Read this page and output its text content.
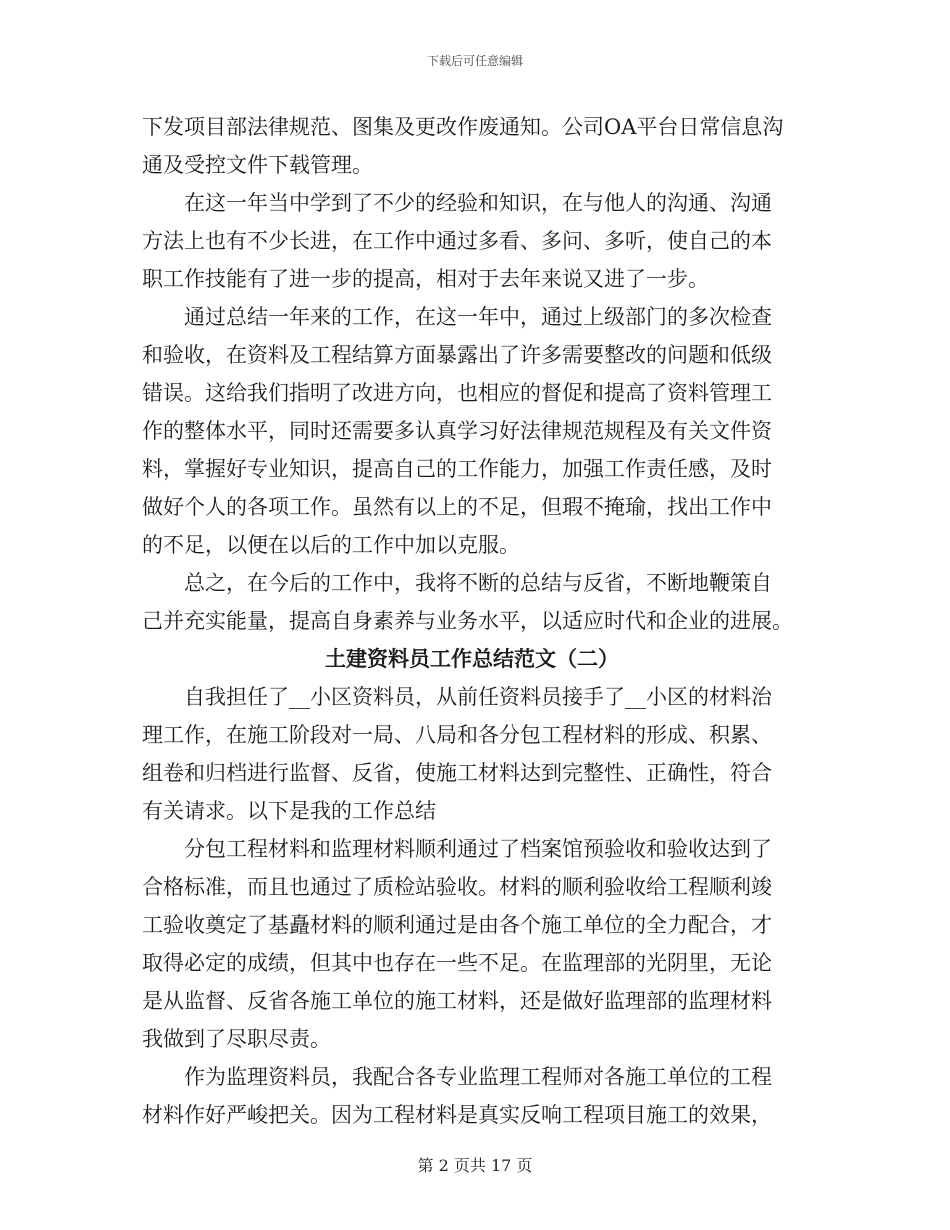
下载后可任意编辑
下发项目部法律规范、图集及更改作废通知。公司OA平台日常信息沟
通及受控文件下载管理。
　　在这一年当中学到了不少的经验和知识，在与他人的沟通、沟通
方法上也有不少长进，在工作中通过多看、多问、多听，使自己的本
职工作技能有了进一步的提高，相对于去年来说又进了一步。
　　通过总结一年来的工作，在这一年中，通过上级部门的多次检查
和验收，在资料及工程结算方面暴露出了许多需要整改的问题和低级
错误。这给我们指明了改进方向，也相应的督促和提高了资料管理工
作的整体水平，同时还需要多认真学习好法律规范规程及有关文件资
料，掌握好专业知识，提高自己的工作能力，加强工作责任感，及时
做好个人的各项工作。虽然有以上的不足，但瑕不掩瑜，找出工作中
的不足，以便在以后的工作中加以克服。
　　总之，在今后的工作中，我将不断的总结与反省，不断地鞭策自
己并充实能量，提高自身素养与业务水平，以适应时代和企业的进展。
土建资料员工作总结范文（二）
　　自我担任了__小区资料员，从前任资料员接手了__小区的材料治
理工作，在施工阶段对一局、八局和各分包工程材料的形成、积累、
组卷和归档进行监督、反省，使施工材料达到完整性、正确性，符合
有关请求。以下是我的工作总结
　　分包工程材料和监理材料顺利通过了档案馆预验收和验收达到了
合格标准，而且也通过了质检站验收。材料的顺利验收给工程顺利竣
工验收奠定了基矗材料的顺利通过是由各个施工单位的全力配合，才
取得必定的成绩，但其中也存在一些不足。在监理部的光阴里，无论
是从监督、反省各施工单位的施工材料，还是做好监理部的监理材料
我做到了尽职尽责。
　　作为监理资料员，我配合各专业监理工程师对各施工单位的工程
材料作好严峻把关。因为工程材料是真实反响工程项目施工的效果，
第 2 页共 17 页
